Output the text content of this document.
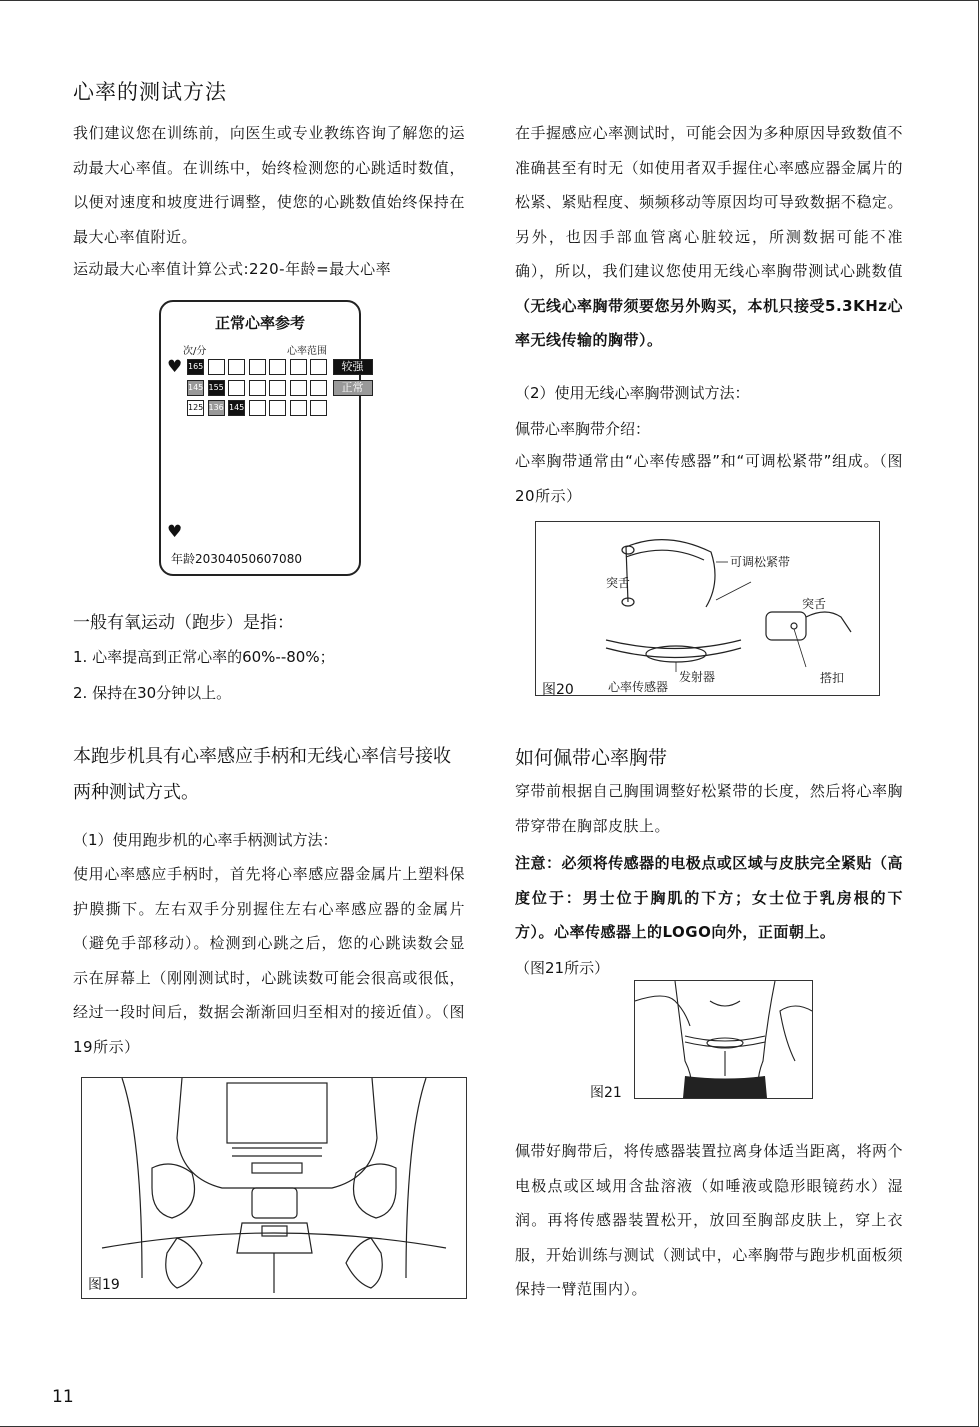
心率的测试方法
我们建议您在训练前，向医生或专业教练咨询了解您的运动最大心率值。在训练中，始终检测您的心跳适时数值，以便对速度和坡度进行调整，使您的心跳数值始终保持在最大心率值附近。
运动最大心率值计算公式:220-年龄=最大心率
正常心率参考
次/分	心率范围
♥
♥
165	较强
145 155	正常
125 136 145
年龄20304050607080
一般有氧运动（跑步）是指：
1. 心率提高到正常心率的60%--80%；
2. 保持在30分钟以上。
本跑步机具有心率感应手柄和无线心率信号接收
两种测试方式。
（1）使用跑步机的心率手柄测试方法：
使用心率感应手柄时，首先将心率感应器金属片上塑料保护膜撕下。左右双手分别握住左右心率感应器的金属片（避免手部移动）。检测到心跳之后，您的心跳读数会显示在屏幕上（刚刚测试时，心跳读数可能会很高或很低，经过一段时间后，数据会渐渐回归至相对的接近值）。（图19所示）
图19
11
在手握感应心率测试时，可能会因为多种原因导致数值不准确甚至有时无（如使用者双手握住心率感应器金属片的松紧、紧贴程度、频频移动等原因均可导致数据不稳定。另外，也因手部血管离心脏较远，所测数据可能不准确），所以，我们建议您使用无线心率胸带测试心跳数值（无线心率胸带须要您另外购买，本机只接受5.3KHz心率无线传输的胸带）。
（2）使用无线心率胸带测试方法：
佩带心率胸带介绍：
心率胸带通常由“心率传感器”和“可调松紧带”组成。（图20所示）
可调松紧带
突舌
突舌
发射器
心率传感器
搭扣
图20
如何佩带心率胸带
穿带前根据自己胸围调整好松紧带的长度，然后将心率胸带穿带在胸部皮肤上。
注意：必须将传感器的电极点或区域与皮肤完全紧贴（高度位于：男士位于胸肌的下方；女士位于乳房根的下方）。心率传感器上的LOGO向外，正面朝上。
（图21所示）
图21
佩带好胸带后，将传感器装置拉离身体适当距离，将两个电极点或区域用含盐溶液（如唾液或隐形眼镜药水）湿润。再将传感器装置松开，放回至胸部皮肤上，穿上衣服，开始训练与测试（测试中，心率胸带与跑步机面板须保持一臂范围内）。
